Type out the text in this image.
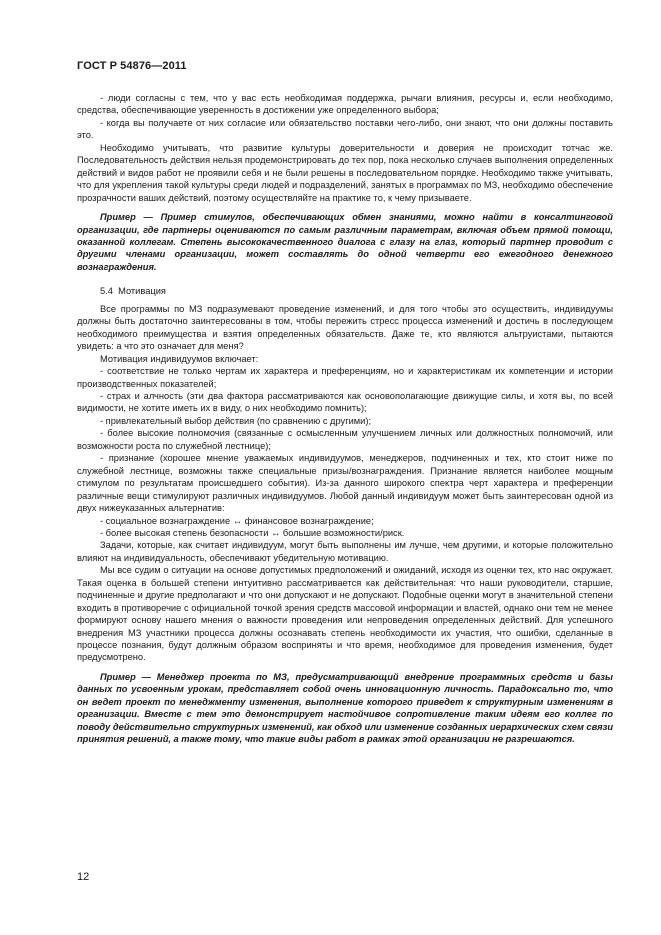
ГОСТ Р 54876—2011

- люди согласны с тем, что у вас есть необходимая поддержка, рычаги влияния, ресурсы и, если необходимо, средства, обеспечивающие уверенность в достижении уже определенного выбора;

- когда вы получаете от них согласие или обязательство поставки чего-либо, они знают, что они должны поставить это.

Необходимо учитывать, что развитие культуры доверительности и доверия не происходит тотчас же. Последовательность действия нельзя продемонстрировать до тех пор, пока несколько случаев выполнения определенных действий и видов работ не проявили себя и не были решены в последовательном порядке. Необходимо также учитывать, что для укрепления такой культуры среди людей и подразделений, занятых в программах по МЗ, необходимо обеспечение прозрачности ваших действий, поэтому осуществляйте на практике то, к чему призываете.

Пример — Пример стимулов, обеспечивающих обмен знаниями, можно найти в консалтинговой организации, где партнеры оцениваются по самым различным параметрам, включая объем прямой помощи, оказанной коллегам. Степень высококачественного диалога с глазу на глаз, который партнер проводит с другими членами организации, может составлять до одной четверти его ежегодного денежного вознаграждения.

5.4 Мотивация

Все программы по МЗ подразумевают проведение изменений, и для того чтобы это осуществить, индивидуумы должны быть достаточно заинтересованы в том, чтобы пережить стресс процесса изменений и достичь в последующем необходимого преимущества и взятия определенных обязательств. Даже те, кто являются альтруистами, пытаются увидеть: а что это означает для меня?

Мотивация индивидуумов включает:

- соответствие не только чертам их характера и преференциям, но и характеристикам их компетенции и истории производственных показателей;

- страх и алчность (эти два фактора рассматриваются как основополагающие движущие силы, и хотя вы, по всей видимости, не хотите иметь их в виду, о них необходимо помнить);

- привлекательный выбор действия (по сравнению с другими);

- более высокие полномочия (связанные с осмысленным улучшением личных или должностных полномочий, или возможности роста по служебной лестнице);

- признание (хорошее мнение уважаемых индивидуумов, менеджеров, подчиненных и тех, кто стоит ниже по служебной лестнице, возможны также специальные призы/вознаграждения. Признание является наиболее мощным стимулом по результатам происшедшего события). Из-за данного широкого спектра черт характера и преференции различные вещи стимулируют различных индивидуумов. Любой данный индивидуум может быть заинтересован одной из двух нижеуказанных альтернатив:

- социальное вознаграждение ↔ финансовое вознаграждение;

- более высокая степень безопасности ↔ большие возможности/риск.

Задачи, которые, как считает индивидуум, могут быть выполнены им лучше, чем другими, и которые положительно влияют на индивидуальность, обеспечивают убедительную мотивацию.

Мы все судим о ситуации на основе допустимых предположений и ожиданий, исходя из оценки тех, кто нас окружает. Такая оценка в большей степени интуитивно рассматривается как действительная: что наши руководители, старшие, подчиненные и другие предполагают и что они допускают и не допускают. Подобные оценки могут в значительной степени входить в противоречие с официальной точкой зрения средств массовой информации и властей, однако они тем не менее формируют основу нашего мнения о важности проведения или непроведения определенных действий. Для успешного внедрения МЗ участники процесса должны осознавать степень необходимости их участия, что ошибки, сделанные в процессе познания, будут должным образом восприняты и что время, необходимое для проведения изменения, будет предусмотрено.

Пример — Менеджер проекта по МЗ, предусматривающий внедрение программных средств и базы данных по усвоенным урокам, представляет собой очень инновационную личность. Парадоксально то, что он ведет проект по менеджменту изменения, выполнение которого приведет к структурным изменениям в организации. Вместе с тем это демонстрирует настойчивое сопротивление таким идеям его коллег по поводу действительно структурных изменений, как обход или изменение созданных иерархических схем связи принятия решений, а также тому, что такие виды работ в рамках этой организации не разрешаются.

12
